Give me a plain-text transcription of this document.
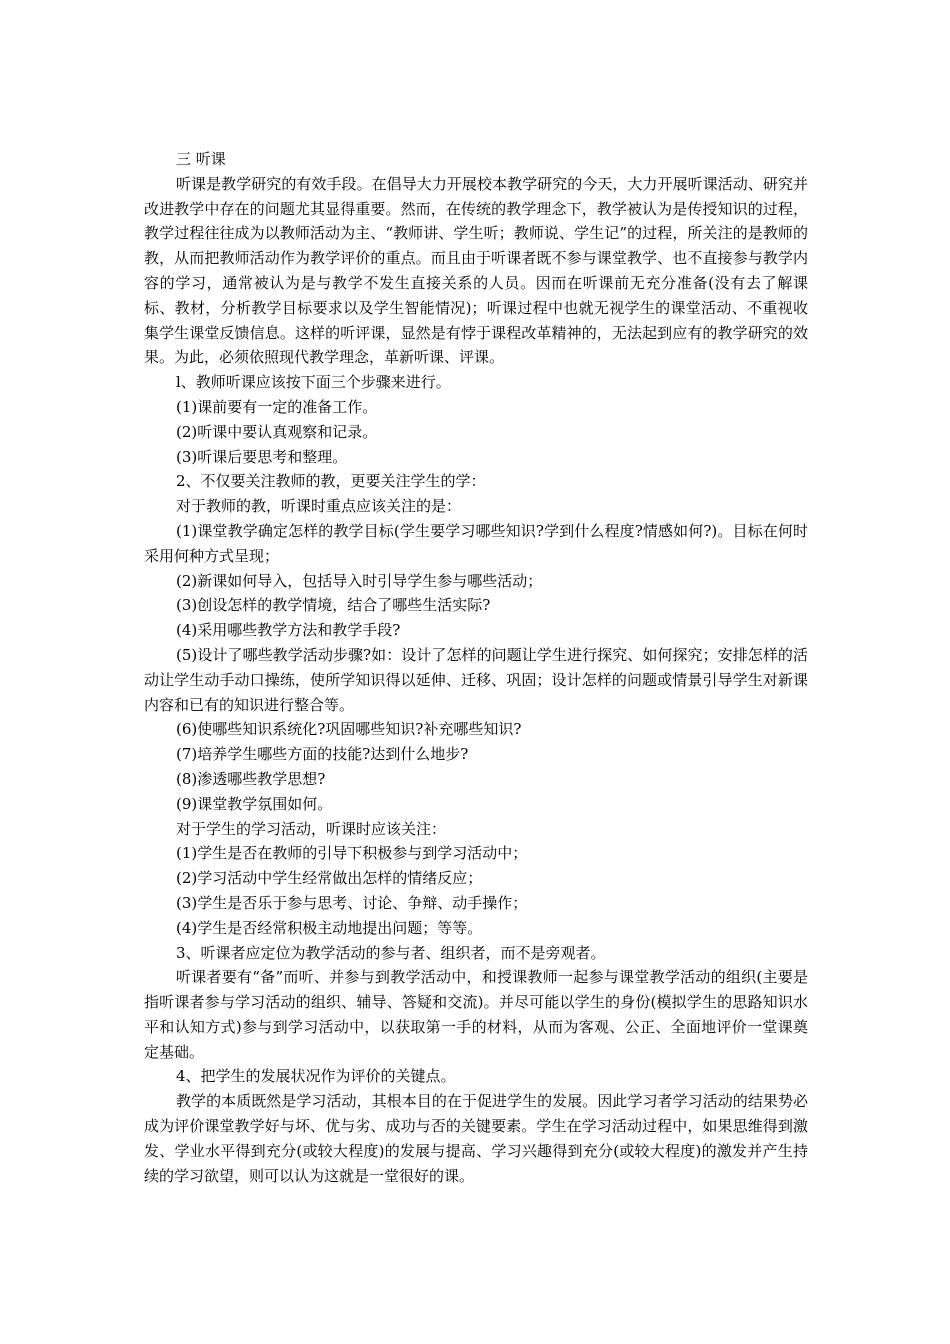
三 听课

听课是教学研究的有效手段。在倡导大力开展校本教学研究的今天，大力开展听课活动、研究并改进教学中存在的问题尤其显得重要。然而，在传统的教学理念下，教学被认为是传授知识的过程，教学过程往往成为以教师活动为主、“教师讲、学生听；教师说、学生记”的过程，所关注的是教师的教，从而把教师活动作为教学评价的重点。而且由于听课者既不参与课堂教学、也不直接参与教学内容的学习，通常被认为是与教学不发生直接关系的人员。因而在听课前无充分准备(没有去了解课标、教材，分析教学目标要求以及学生智能情况)；听课过程中也就无视学生的课堂活动、不重视收集学生课堂反馈信息。这样的听评课，显然是有悖于课程改革精神的，无法起到应有的教学研究的效果。为此，必须依照现代教学理念，革新听课、评课。

l、教师听课应该按下面三个步骤来进行。

(1)课前要有一定的准备工作。

(2)听课中要认真观察和记录。

(3)听课后要思考和整理。

2、不仅要关注教师的教，更要关注学生的学：

对于教师的教，听课时重点应该关注的是：

(1)课堂教学确定怎样的教学目标(学生要学习哪些知识?学到什么程度?情感如何?)。目标在何时采用何种方式呈现；

(2)新课如何导入，包括导入时引导学生参与哪些活动；

(3)创设怎样的教学情境，结合了哪些生活实际?

(4)采用哪些教学方法和教学手段?

(5)设计了哪些教学活动步骤?如：设计了怎样的问题让学生进行探究、如何探究；安排怎样的活动让学生动手动口操练，使所学知识得以延伸、迁移、巩固；设计怎样的问题或情景引导学生对新课内容和已有的知识进行整合等。

(6)使哪些知识系统化?巩固哪些知识?补充哪些知识?

(7)培养学生哪些方面的技能?达到什么地步?

(8)渗透哪些教学思想?

(9)课堂教学氛围如何。

对于学生的学习活动，听课时应该关注：

(1)学生是否在教师的引导下积极参与到学习活动中；

(2)学习活动中学生经常做出怎样的情绪反应；

(3)学生是否乐于参与思考、讨论、争辩、动手操作；

(4)学生是否经常积极主动地提出问题；等等。

3、听课者应定位为教学活动的参与者、组织者，而不是旁观者。

听课者要有“备”而听、并参与到教学活动中，和授课教师一起参与课堂教学活动的组织(主要是指听课者参与学习活动的组织、辅导、答疑和交流)。并尽可能以学生的身份(模拟学生的思路知识水平和认知方式)参与到学习活动中，以获取第一手的材料，从而为客观、公正、全面地评价一堂课奠定基础。

4、把学生的发展状况作为评价的关键点。

教学的本质既然是学习活动，其根本目的在于促进学生的发展。因此学习者学习活动的结果势必成为评价课堂教学好与坏、优与劣、成功与否的关键要素。学生在学习活动过程中，如果思维得到激发、学业水平得到充分(或较大程度)的发展与提高、学习兴趣得到充分(或较大程度)的激发并产生持续的学习欲望，则可以认为这就是一堂很好的课。
